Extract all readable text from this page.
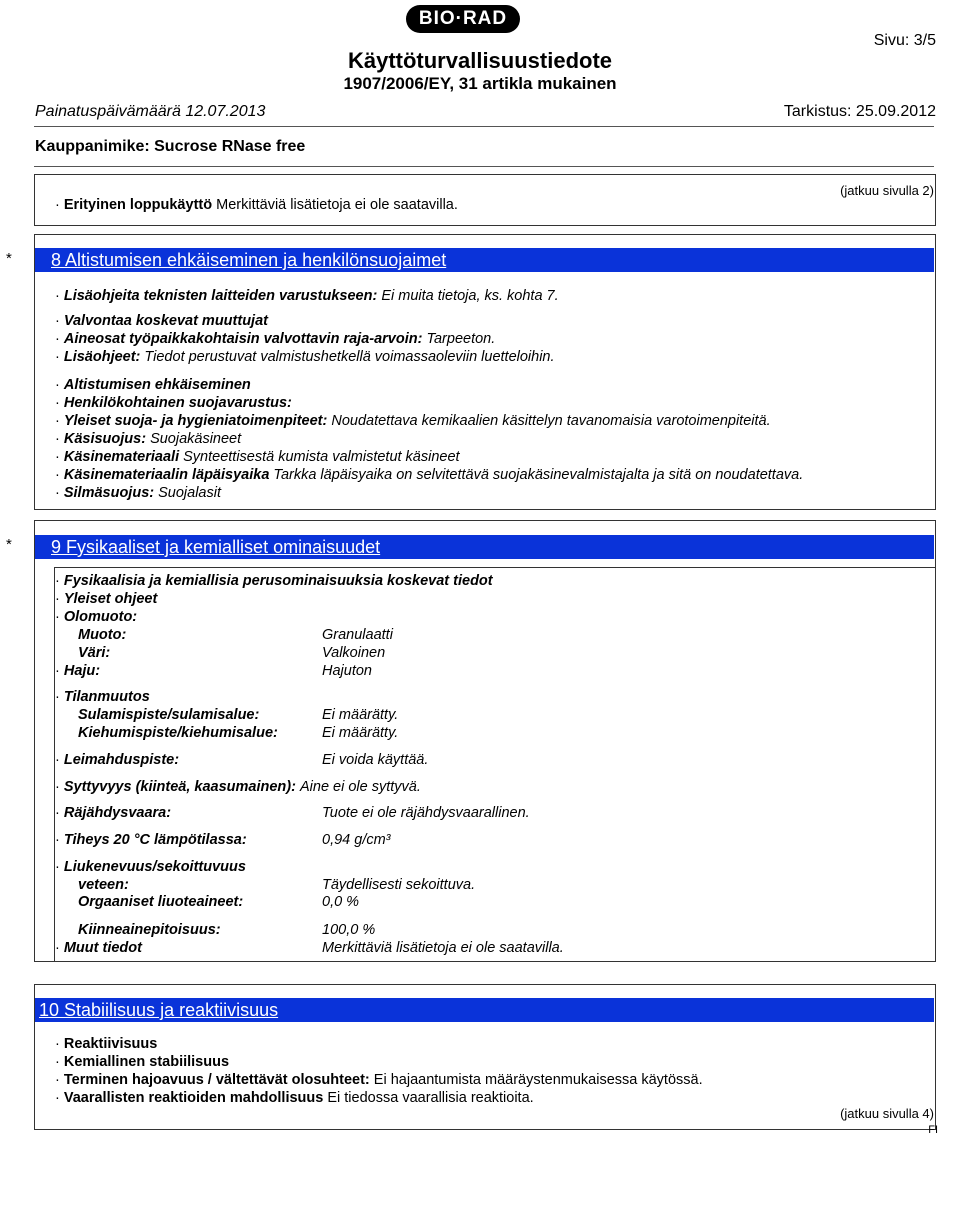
BIO·RAD
Käyttöturvallisuustiedote
1907/2006/EY, 31 artikla mukainen
Sivu: 3/5
Painatuspäivämäärä 12.07.2013	Tarkistus: 25.09.2012
Kauppanimike: Sucrose RNase free
(jatkuu sivulla 2)
· Erityinen loppukäyttö Merkittäviä lisätietoja ei ole saatavilla.
*	8 Altistumisen ehkäiseminen ja henkilönsuojaimet
· Lisäohjeita teknisten laitteiden varustukseen: Ei muita tietoja, ks. kohta 7.
· Valvontaa koskevat muuttujat
· Aineosat työpaikkakohtaisin valvottavin raja-arvoin: Tarpeeton.
· Lisäohjeet: Tiedot perustuvat valmistushetkellä voimassaoleviin luetteloihin.
· Altistumisen ehkäiseminen
· Henkilökohtainen suojavarustus:
· Yleiset suoja- ja hygieniatoimenpiteet: Noudatettava kemikaalien käsittelyn tavanomaisia varotoimenpiteitä.
· Käsisuojus: Suojakäsineet
· Käsinemateriaali Synteettisestä kumista valmistetut käsineet
· Käsinemateriaalin läpäisyaika Tarkka läpäisyaika on selvitettävä suojakäsinevalmistajalta ja sitä on noudatettava.
· Silmäsuojus: Suojalasit
*	9 Fysikaaliset ja kemialliset ominaisuudet
· Fysikaalisia ja kemiallisia perusominaisuuksia koskevat tiedot
· Yleiset ohjeet
· Olomuoto:
Muoto:	Granulaatti
Väri:	Valkoinen
· Haju:	Hajuton
· Tilanmuutos
Sulamispiste/sulamisalue:	Ei määrätty.
Kiehumispiste/kiehumisalue:	Ei määrätty.
· Leimahduspiste:	Ei voida käyttää.
· Syttyvyys (kiinteä, kaasumainen): Aine ei ole syttyvä.
· Räjähdysvaara:	Tuote ei ole räjähdysvaarallinen.
· Tiheys 20 °C lämpötilassa:	0,94 g/cm³
· Liukenevuus/sekoittuvuus
veteen:	Täydellisesti sekoittuva.
Orgaaniset liuoteaineet:	0,0 %
Kiinneainepitoisuus:	100,0 %
· Muut tiedot	Merkittäviä lisätietoja ei ole saatavilla.
10 Stabiilisuus ja reaktiivisuus
· Reaktiivisuus
· Kemiallinen stabiilisuus
· Terminen hajoavuus / vältettävät olosuhteet: Ei hajaantumista määräystenmukaisessa käytössä.
· Vaarallisten reaktioiden mahdollisuus Ei tiedossa vaarallisia reaktioita.
(jatkuu sivulla 4)
FI
